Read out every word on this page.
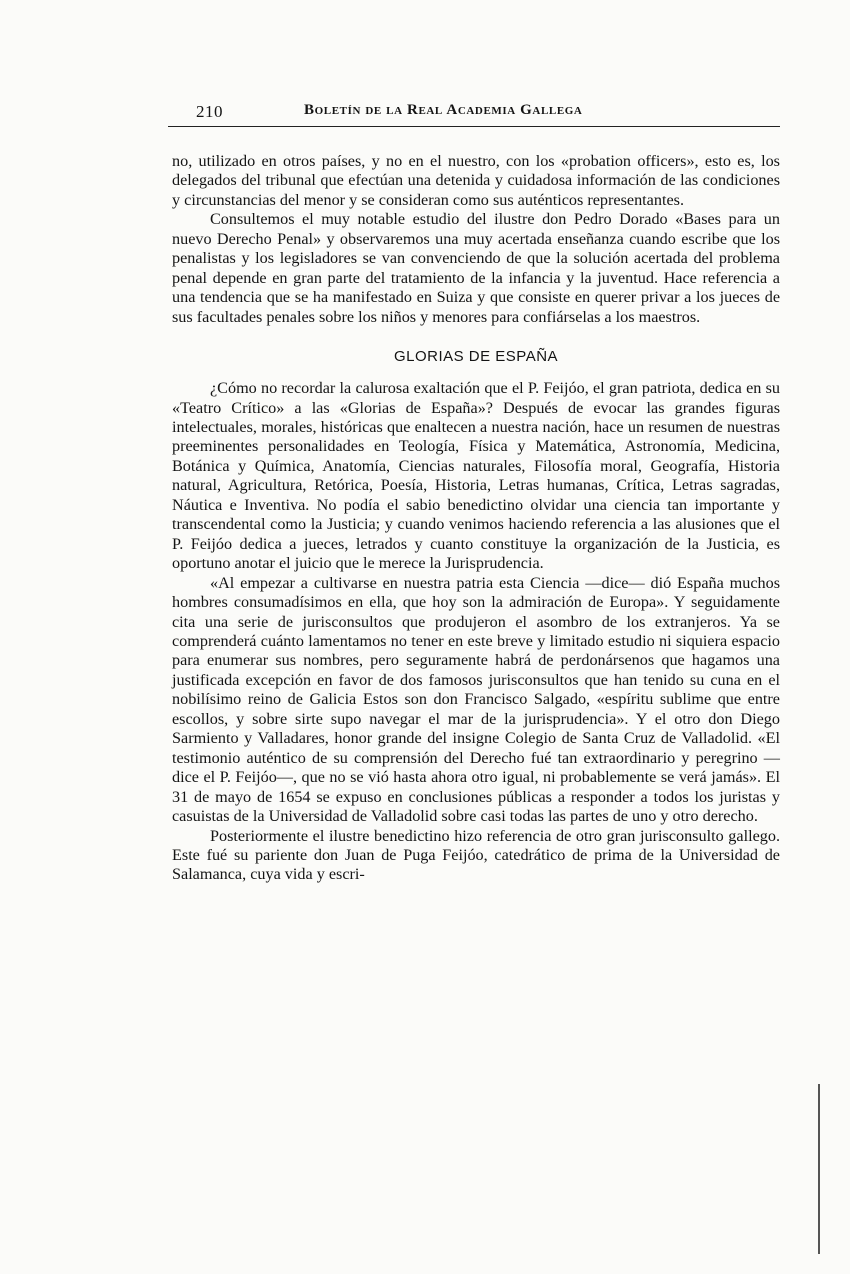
210	Boletín de la Real Academia Gallega

no, utilizado en otros países, y no en el nuestro, con los «probation officers», esto es, los delegados del tribunal que efectúan una detenida y cuidadosa información de las condiciones y circunstancias del menor y se consideran como sus auténticos representantes.

Consultemos el muy notable estudio del ilustre don Pedro Dorado «Bases para un nuevo Derecho Penal» y observaremos una muy acertada enseñanza cuando escribe que los penalistas y los legisladores se van convenciendo de que la solución acertada del problema penal depende en gran parte del tratamiento de la infancia y la juventud. Hace referencia a una tendencia que se ha manifestado en Suiza y que consiste en querer privar a los jueces de sus facultades penales sobre los niños y menores para confiárselas a los maestros.

GLORIAS DE ESPAÑA

¿Cómo no recordar la calurosa exaltación que el P. Feijóo, el gran patriota, dedica en su «Teatro Crítico» a las «Glorias de España»? Después de evocar las grandes figuras intelectuales, morales, históricas que enaltecen a nuestra nación, hace un resumen de nuestras preeminentes personalidades en Teología, Física y Matemática, Astronomía, Medicina, Botánica y Química, Anatomía, Ciencias naturales, Filosofía moral, Geografía, Historia natural, Agricultura, Retórica, Poesía, Historia, Letras humanas, Crítica, Letras sagradas, Náutica e Inventiva. No podía el sabio benedictino olvidar una ciencia tan importante y transcendental como la Justicia; y cuando venimos haciendo referencia a las alusiones que el P. Feijóo dedica a jueces, letrados y cuanto constituye la organización de la Justicia, es oportuno anotar el juicio que le merece la Jurisprudencia.

«Al empezar a cultivarse en nuestra patria esta Ciencia —dice— dió España muchos hombres consumadísimos en ella, que hoy son la admiración de Europa». Y seguidamente cita una serie de jurisconsultos que produjeron el asombro de los extranjeros. Ya se comprenderá cuánto lamentamos no tener en este breve y limitado estudio ni siquiera espacio para enumerar sus nombres, pero seguramente habrá de perdonársenos que hagamos una justificada excepción en favor de dos famosos jurisconsultos que han tenido su cuna en el nobilísimo reino de Galicia Estos son don Francisco Salgado, «espíritu sublime que entre escollos, y sobre sirte supo navegar el mar de la jurisprudencia». Y el otro don Diego Sarmiento y Valladares, honor grande del insigne Colegio de Santa Cruz de Valladolid. «El testimonio auténtico de su comprensión del Derecho fué tan extraordinario y peregrino —dice el P. Feijóo—, que no se vió hasta ahora otro igual, ni probablemente se verá jamás». El 31 de mayo de 1654 se expuso en conclusiones públicas a responder a todos los juristas y casuistas de la Universidad de Valladolid sobre casi todas las partes de uno y otro derecho.

Posteriormente el ilustre benedictino hizo referencia de otro gran jurisconsulto gallego. Este fué su pariente don Juan de Puga Feijóo, catedrático de prima de la Universidad de Salamanca, cuya vida y escri-
